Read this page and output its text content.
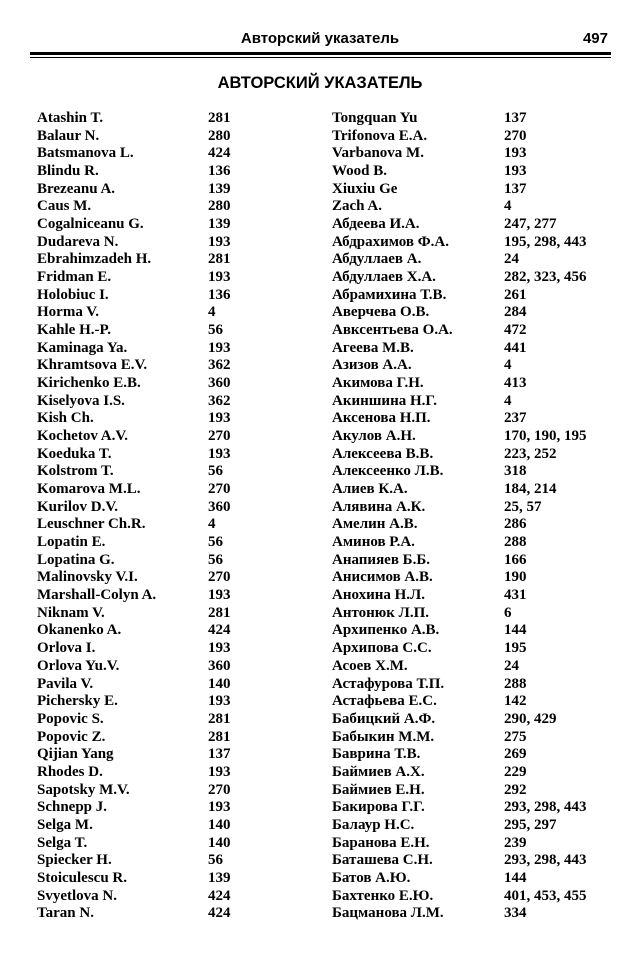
Авторский указатель	497
АВТОРСКИЙ УКАЗАТЕЛЬ
Atashin T.	281
Balaur N.	280
Batsmanova L.	424
Blindu R.	136
Brezeanu A.	139
Caus M.	280
Cogalniceanu G.	139
Dudareva N.	193
Ebrahimzadeh H.	281
Fridman E.	193
Holobiuc I.	136
Horma V.	4
Kahle H.-P.	56
Kaminaga Ya.	193
Khramtsova E.V.	362
Kirichenko E.B.	360
Kiselyova I.S.	362
Kish Ch.	193
Kochetov A.V.	270
Koeduka T.	193
Kolstrom T.	56
Komarova M.L.	270
Kurilov D.V.	360
Leuschner Ch.R.	4
Lopatin E.	56
Lopatina G.	56
Malinovsky V.I.	270
Marshall-Colyn A.	193
Niknam V.	281
Okanenko A.	424
Orlova I.	193
Orlova Yu.V.	360
Pavila V.	140
Pichersky E.	193
Popovic S.	281
Popovic Z.	281
Qijian Yang	137
Rhodes D.	193
Sapotsky M.V.	270
Schnepp J.	193
Selga M.	140
Selga T.	140
Spiecker H.	56
Stoiculescu R.	139
Svyetlova N.	424
Taran N.	424
Tongquan Yu	137
Trifonova E.A.	270
Varbanova M.	193
Wood B.	193
Xiuxiu Ge	137
Zach A.	4
Абдеева И.А.	247, 277
Абдрахимов Ф.А.	195, 298, 443
Абдуллаев А.	24
Абдуллаев Х.А.	282, 323, 456
Абрамихина Т.В.	261
Аверчева О.В.	284
Авксентьева О.А.	472
Агеева М.В.	441
Азизов А.А.	4
Акимова Г.Н.	413
Акиншина Н.Г.	4
Аксенова Н.П.	237
Акулов А.Н.	170, 190, 195
Алексеева В.В.	223, 252
Алексеенко Л.В.	318
Алиев К.А.	184, 214
Алявина А.К.	25, 57
Амелин А.В.	286
Аминов Р.А.	288
Анапияев Б.Б.	166
Анисимов А.В.	190
Анохина Н.Л.	431
Антонюк Л.П.	6
Архипенко А.В.	144
Архипова С.С.	195
Асоев Х.М.	24
Астафурова Т.П.	288
Астафьева Е.С.	142
Бабицкий А.Ф.	290, 429
Бабыкин М.М.	275
Баврина Т.В.	269
Баймиев А.Х.	229
Баймиев Е.Н.	292
Бакирова Г.Г.	293, 298, 443
Балаур Н.С.	295, 297
Баранова Е.Н.	239
Баташева С.Н.	293, 298, 443
Батов А.Ю.	144
Бахтенко Е.Ю.	401, 453, 455
Бацманова Л.М.	334
